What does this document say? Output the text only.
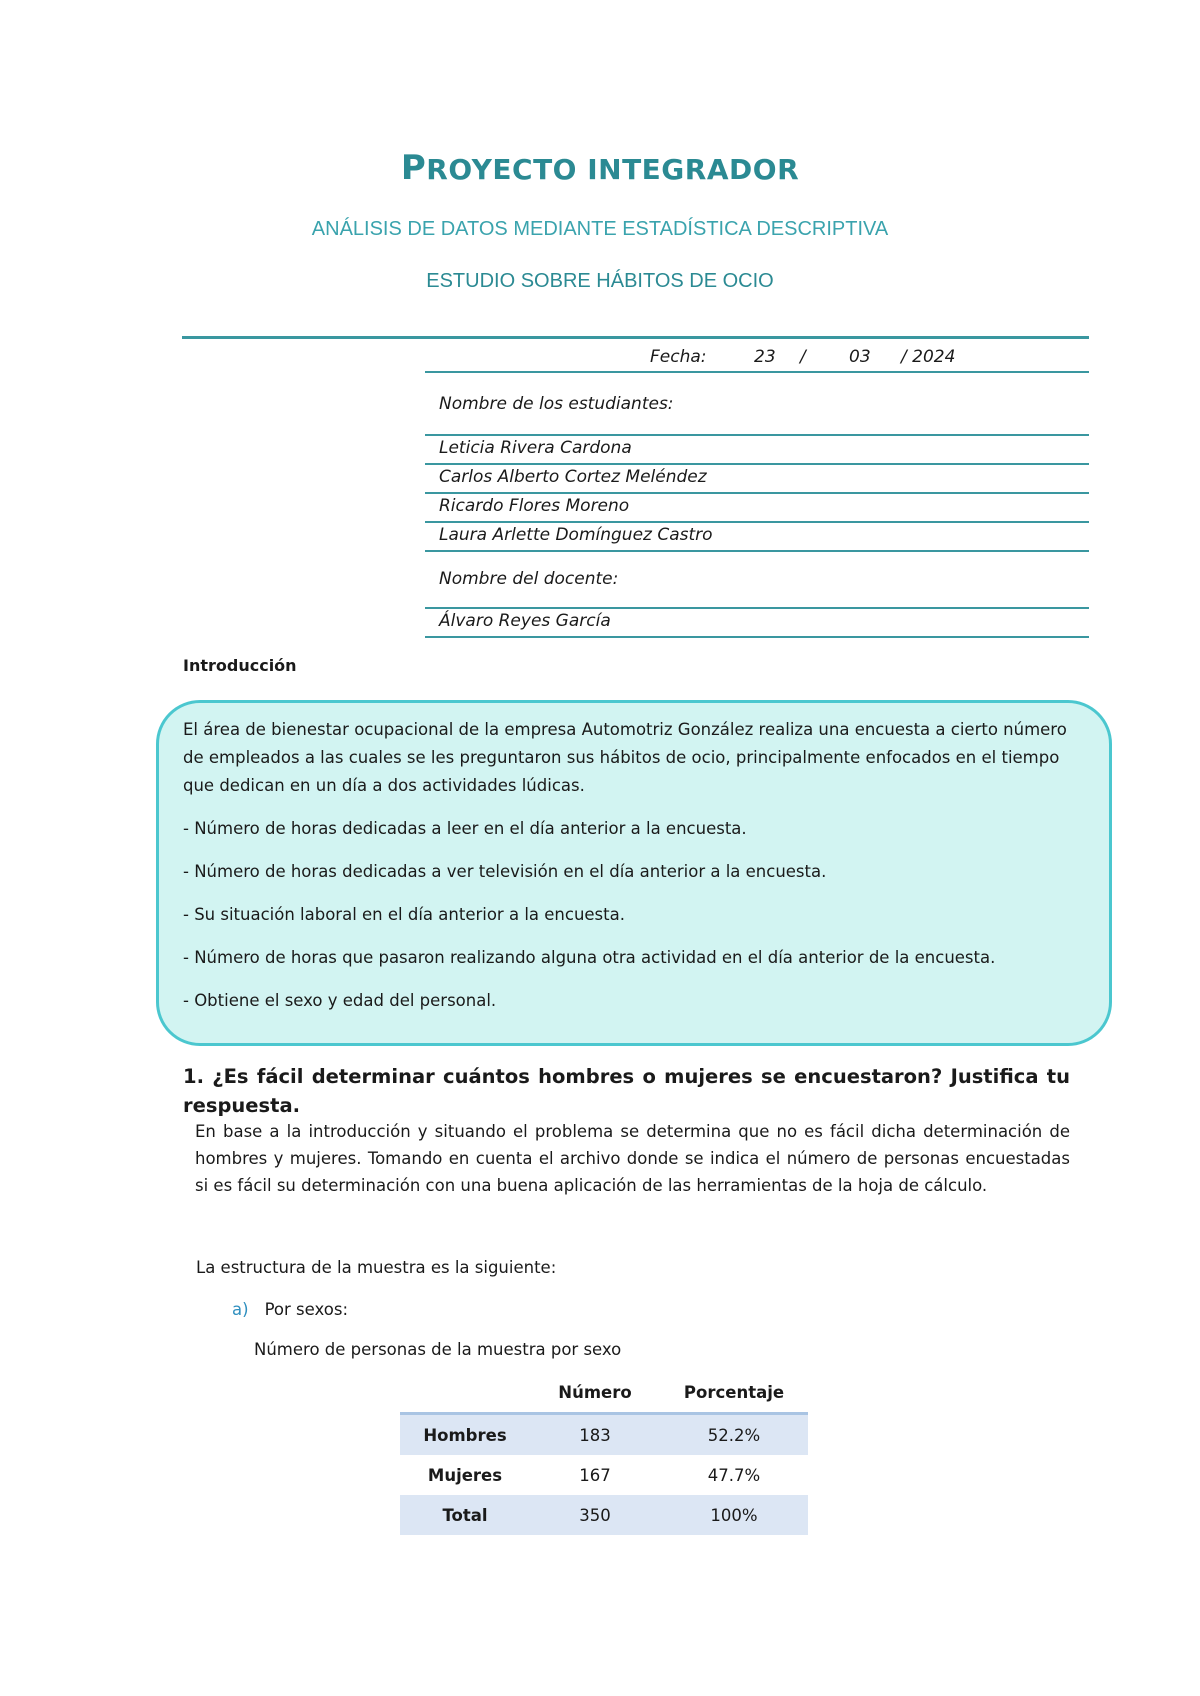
PROYECTO INTEGRADOR
ANÁLISIS DE DATOS MEDIANTE ESTADÍSTICA DESCRIPTIVA
ESTUDIO SOBRE HÁBITOS DE OCIO
Fecha:	23 /	03 / 2024
Nombre de los estudiantes:
Leticia Rivera Cardona
Carlos Alberto Cortez Meléndez
Ricardo Flores Moreno
Laura Arlette Domínguez Castro
Nombre del docente:
Álvaro Reyes García
Introducción
El área de bienestar ocupacional de la empresa Automotriz González realiza una encuesta a cierto número de empleados a las cuales se les preguntaron sus hábitos de ocio, principalmente enfocados en el tiempo que dedican en un día a dos actividades lúdicas.
- Número de horas dedicadas a leer en el día anterior a la encuesta.
- Número de horas dedicadas a ver televisión en el día anterior a la encuesta.
- Su situación laboral en el día anterior a la encuesta.
- Número de horas que pasaron realizando alguna otra actividad en el día anterior de la encuesta.
- Obtiene el sexo y edad del personal.
1. ¿Es fácil determinar cuántos hombres o mujeres se encuestaron? Justifica tu respuesta.
En base a la introducción y situando el problema se determina que no es fácil dicha determinación de hombres y mujeres. Tomando en cuenta el archivo donde se indica el número de personas encuestadas si es fácil su determinación con una buena aplicación de las herramientas de la hoja de cálculo.
La estructura de la muestra es la siguiente:
a) Por sexos:
Número de personas de la muestra por sexo
	Número	Porcentaje
Hombres	183	52.2%
Mujeres	167	47.7%
Total	350	100%
